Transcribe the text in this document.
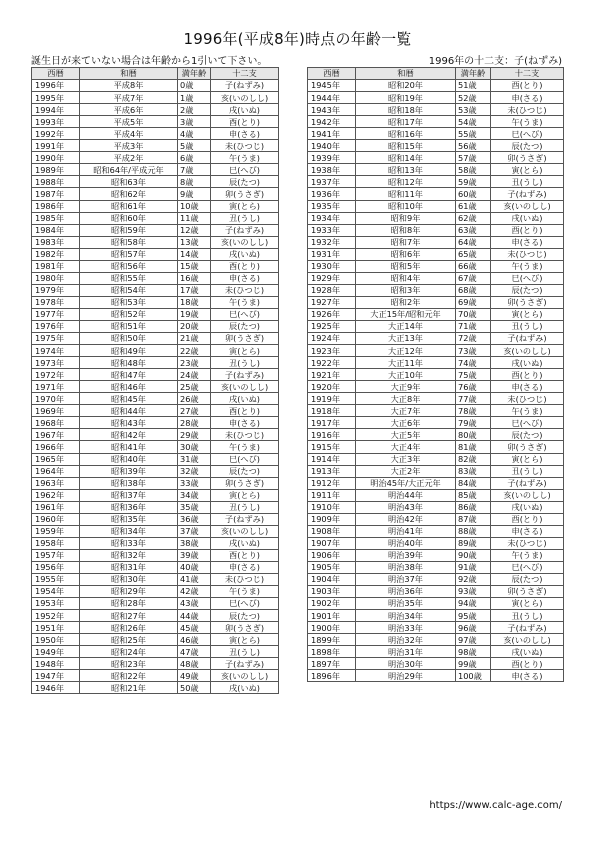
1996年(平成8年)時点の年齢一覧
誕生日が来ていない場合は年齢から1引いて下さい。	1996年の十二支：子(ねずみ)
西暦	和暦	満年齢	十二支
1996年	平成8年	0歳	子(ねずみ)
1995年	平成7年	1歳	亥(いのしし)
1994年	平成6年	2歳	戌(いぬ)
1993年	平成5年	3歳	酉(とり)
1992年	平成4年	4歳	申(さる)
1991年	平成3年	5歳	未(ひつじ)
1990年	平成2年	6歳	午(うま)
1989年	昭和64年/平成元年	7歳	巳(へび)
1988年	昭和63年	8歳	辰(たつ)
1987年	昭和62年	9歳	卯(うさぎ)
1986年	昭和61年	10歳	寅(とら)
1985年	昭和60年	11歳	丑(うし)
1984年	昭和59年	12歳	子(ねずみ)
1983年	昭和58年	13歳	亥(いのしし)
1982年	昭和57年	14歳	戌(いぬ)
1981年	昭和56年	15歳	酉(とり)
1980年	昭和55年	16歳	申(さる)
1979年	昭和54年	17歳	未(ひつじ)
1978年	昭和53年	18歳	午(うま)
1977年	昭和52年	19歳	巳(へび)
1976年	昭和51年	20歳	辰(たつ)
1975年	昭和50年	21歳	卯(うさぎ)
1974年	昭和49年	22歳	寅(とら)
1973年	昭和48年	23歳	丑(うし)
1972年	昭和47年	24歳	子(ねずみ)
1971年	昭和46年	25歳	亥(いのしし)
1970年	昭和45年	26歳	戌(いぬ)
1969年	昭和44年	27歳	酉(とり)
1968年	昭和43年	28歳	申(さる)
1967年	昭和42年	29歳	未(ひつじ)
1966年	昭和41年	30歳	午(うま)
1965年	昭和40年	31歳	巳(へび)
1964年	昭和39年	32歳	辰(たつ)
1963年	昭和38年	33歳	卯(うさぎ)
1962年	昭和37年	34歳	寅(とら)
1961年	昭和36年	35歳	丑(うし)
1960年	昭和35年	36歳	子(ねずみ)
1959年	昭和34年	37歳	亥(いのしし)
1958年	昭和33年	38歳	戌(いぬ)
1957年	昭和32年	39歳	酉(とり)
1956年	昭和31年	40歳	申(さる)
1955年	昭和30年	41歳	未(ひつじ)
1954年	昭和29年	42歳	午(うま)
1953年	昭和28年	43歳	巳(へび)
1952年	昭和27年	44歳	辰(たつ)
1951年	昭和26年	45歳	卯(うさぎ)
1950年	昭和25年	46歳	寅(とら)
1949年	昭和24年	47歳	丑(うし)
1948年	昭和23年	48歳	子(ねずみ)
1947年	昭和22年	49歳	亥(いのしし)
1946年	昭和21年	50歳	戌(いぬ)
西暦	和暦	満年齢	十二支
1945年	昭和20年	51歳	酉(とり)
1944年	昭和19年	52歳	申(さる)
1943年	昭和18年	53歳	未(ひつじ)
1942年	昭和17年	54歳	午(うま)
1941年	昭和16年	55歳	巳(へび)
1940年	昭和15年	56歳	辰(たつ)
1939年	昭和14年	57歳	卯(うさぎ)
1938年	昭和13年	58歳	寅(とら)
1937年	昭和12年	59歳	丑(うし)
1936年	昭和11年	60歳	子(ねずみ)
1935年	昭和10年	61歳	亥(いのしし)
1934年	昭和9年	62歳	戌(いぬ)
1933年	昭和8年	63歳	酉(とり)
1932年	昭和7年	64歳	申(さる)
1931年	昭和6年	65歳	未(ひつじ)
1930年	昭和5年	66歳	午(うま)
1929年	昭和4年	67歳	巳(へび)
1928年	昭和3年	68歳	辰(たつ)
1927年	昭和2年	69歳	卯(うさぎ)
1926年	大正15年/昭和元年	70歳	寅(とら)
1925年	大正14年	71歳	丑(うし)
1924年	大正13年	72歳	子(ねずみ)
1923年	大正12年	73歳	亥(いのしし)
1922年	大正11年	74歳	戌(いぬ)
1921年	大正10年	75歳	酉(とり)
1920年	大正9年	76歳	申(さる)
1919年	大正8年	77歳	未(ひつじ)
1918年	大正7年	78歳	午(うま)
1917年	大正6年	79歳	巳(へび)
1916年	大正5年	80歳	辰(たつ)
1915年	大正4年	81歳	卯(うさぎ)
1914年	大正3年	82歳	寅(とら)
1913年	大正2年	83歳	丑(うし)
1912年	明治45年/大正元年	84歳	子(ねずみ)
1911年	明治44年	85歳	亥(いのしし)
1910年	明治43年	86歳	戌(いぬ)
1909年	明治42年	87歳	酉(とり)
1908年	明治41年	88歳	申(さる)
1907年	明治40年	89歳	未(ひつじ)
1906年	明治39年	90歳	午(うま)
1905年	明治38年	91歳	巳(へび)
1904年	明治37年	92歳	辰(たつ)
1903年	明治36年	93歳	卯(うさぎ)
1902年	明治35年	94歳	寅(とら)
1901年	明治34年	95歳	丑(うし)
1900年	明治33年	96歳	子(ねずみ)
1899年	明治32年	97歳	亥(いのしし)
1898年	明治31年	98歳	戌(いぬ)
1897年	明治30年	99歳	酉(とり)
1896年	明治29年	100歳	申(さる)
https://www.calc-age.com/
